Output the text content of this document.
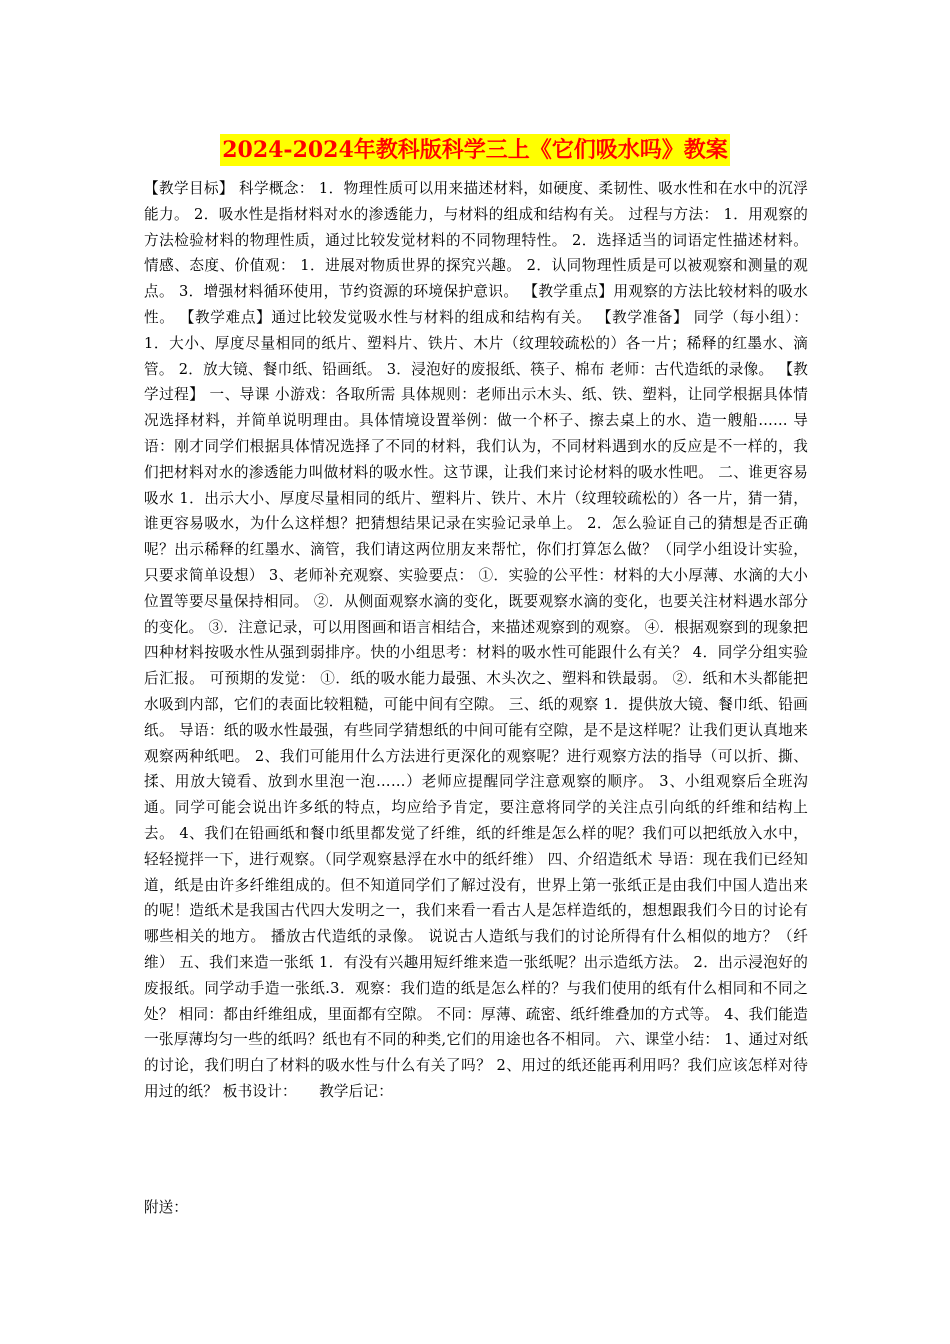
2024-2024年教科版科学三上《它们吸水吗》教案
【教学目标】 科学概念： 1．物理性质可以用来描述材料，如硬度、柔韧性、吸水性和在水中的沉浮能力。 2．吸水性是指材料对水的渗透能力，与材料的组成和结构有关。 过程与方法： 1．用观察的方法检验材料的物理性质，通过比较发觉材料的不同物理特性。 2．选择适当的词语定性描述材料。 情感、态度、价值观： 1．进展对物质世界的探究兴趣。 2．认同物理性质是可以被观察和测量的观点。 3．增强材料循环使用，节约资源的环境保护意识。 【教学重点】用观察的方法比较材料的吸水性。 【教学难点】通过比较发觉吸水性与材料的组成和结构有关。 【教学准备】 同学（每小组）： 1．大小、厚度尽量相同的纸片、塑料片、铁片、木片（纹理较疏松的）各一片；稀释的红墨水、滴管。 2．放大镜、餐巾纸、铅画纸。 3．浸泡好的废报纸、筷子、棉布 老师：古代造纸的录像。 【教学过程】 一、导课 小游戏：各取所需 具体规则：老师出示木头、纸、铁、塑料，让同学根据具体情况选择材料，并简单说明理由。具体情境设置举例：做一个杯子、擦去桌上的水、造一艘船…… 导语：刚才同学们根据具体情况选择了不同的材料，我们认为，不同材料遇到水的反应是不一样的，我们把材料对水的渗透能力叫做材料的吸水性。这节课，让我们来讨论材料的吸水性吧。 二、谁更容易吸水 1．出示大小、厚度尽量相同的纸片、塑料片、铁片、木片（纹理较疏松的）各一片，猜一猜，谁更容易吸水，为什么这样想？把猜想结果记录在实验记录单上。 2．怎么验证自己的猜想是否正确呢？出示稀释的红墨水、滴管，我们请这两位朋友来帮忙，你们打算怎么做？（同学小组设计实验，只要求简单设想） 3、老师补充观察、实验要点： ①．实验的公平性：材料的大小厚薄、水滴的大小位置等要尽量保持相同。 ②．从侧面观察水滴的变化，既要观察水滴的变化，也要关注材料遇水部分的变化。 ③．注意记录，可以用图画和语言相结合，来描述观察到的观察。 ④．根据观察到的现象把四种材料按吸水性从强到弱排序。快的小组思考：材料的吸水性可能跟什么有关？ 4．同学分组实验后汇报。 可预期的发觉： ①．纸的吸水能力最强、木头次之、塑料和铁最弱。 ②．纸和木头都能把水吸到内部，它们的表面比较粗糙，可能中间有空隙。 三、纸的观察 1．提供放大镜、餐巾纸、铅画纸。 导语：纸的吸水性最强，有些同学猜想纸的中间可能有空隙，是不是这样呢？让我们更认真地来观察两种纸吧。 2、我们可能用什么方法进行更深化的观察呢？进行观察方法的指导（可以折、撕、揉、用放大镜看、放到水里泡一泡……）老师应提醒同学注意观察的顺序。 3、小组观察后全班沟通。同学可能会说出许多纸的特点，均应给予肯定，要注意将同学的关注点引向纸的纤维和结构上去。 4、我们在铅画纸和餐巾纸里都发觉了纤维，纸的纤维是怎么样的呢？我们可以把纸放入水中，轻轻搅拌一下，进行观察。（同学观察悬浮在水中的纸纤维） 四、介绍造纸术 导语：现在我们已经知道，纸是由许多纤维组成的。但不知道同学们了解过没有，世界上第一张纸正是由我们中国人造出来的呢！造纸术是我国古代四大发明之一，我们来看一看古人是怎样造纸的，想想跟我们今日的讨论有哪些相关的地方。 播放古代造纸的录像。 说说古人造纸与我们的讨论所得有什么相似的地方？（纤维） 五、我们来造一张纸 1．有没有兴趣用短纤维来造一张纸呢？出示造纸方法。 2．出示浸泡好的废报纸。同学动手造一张纸.3．观察：我们造的纸是怎么样的？与我们使用的纸有什么相同和不同之处？ 相同：都由纤维组成，里面都有空隙。 不同：厚薄、疏密、纸纤维叠加的方式等。 4、我们能造一张厚薄均匀一些的纸吗？纸也有不同的种类,它们的用途也各不相同。 六、课堂小结： 1、通过对纸的讨论，我们明白了材料的吸水性与什么有关了吗？ 2、用过的纸还能再利用吗？我们应该怎样对待用过的纸？ 板书设计：　　教学后记：
附送：
